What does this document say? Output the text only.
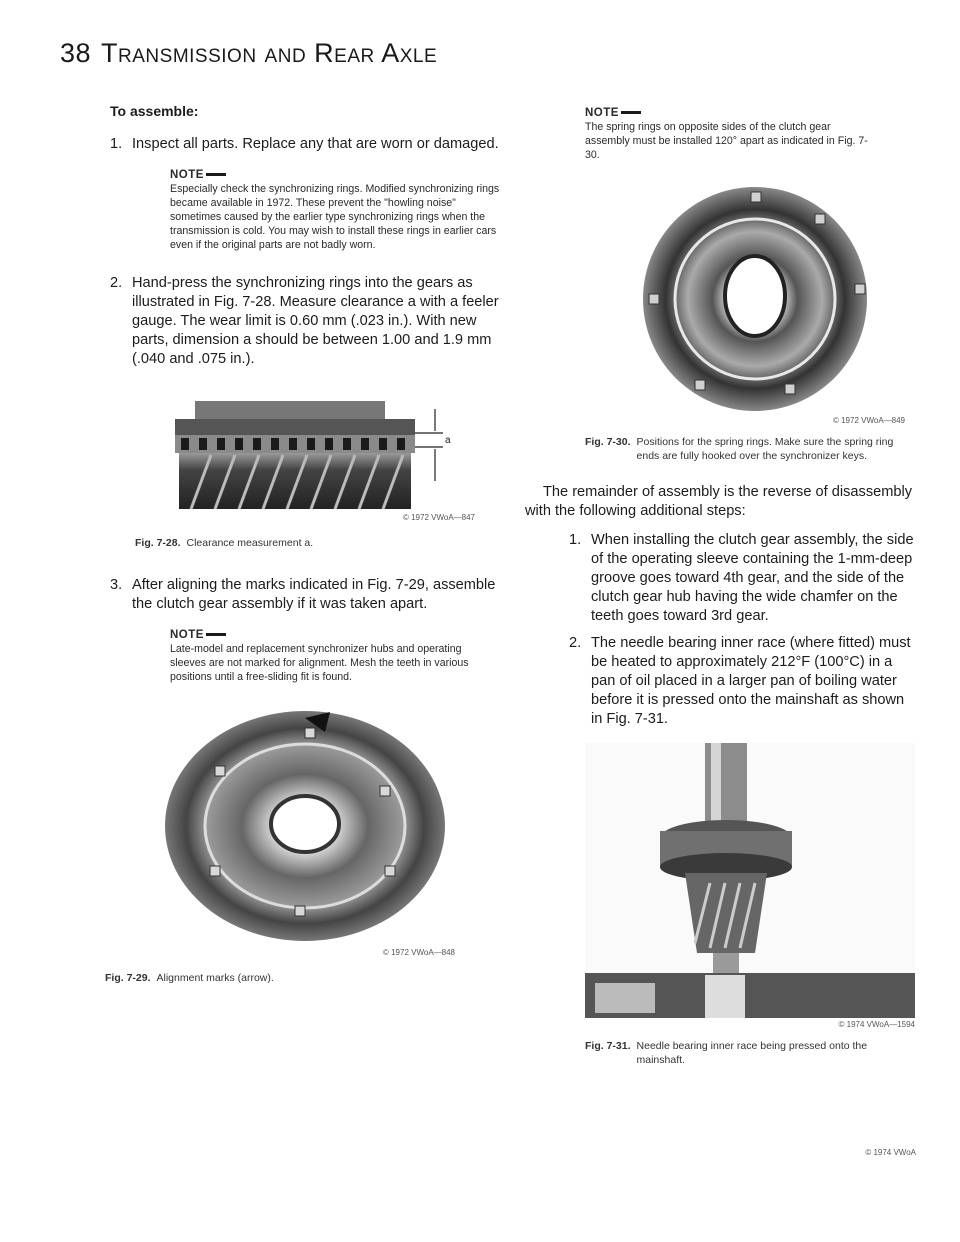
38 Transmission and Rear Axle
To assemble:
1. Inspect all parts. Replace any that are worn or damaged.
NOTE
Especially check the synchronizing rings. Modified synchronizing rings became available in 1972. These prevent the "howling noise" sometimes caused by the earlier type synchronizing rings when the transmission is cold. You may wish to install these rings in earlier cars even if the original parts are not badly worn.
2. Hand-press the synchronizing rings into the gears as illustrated in Fig. 7-28. Measure clearance a with a feeler gauge. The wear limit is 0.60 mm (.023 in.). With new parts, dimension a should be between 1.00 and 1.9 mm (.040 and .075 in.).
a
© 1972 VWoA—847
Fig. 7-28. Clearance measurement a.
3. After aligning the marks indicated in Fig. 7-29, assemble the clutch gear assembly if it was taken apart.
NOTE
Late-model and replacement synchronizer hubs and operating sleeves are not marked for alignment. Mesh the teeth in various positions until a free-sliding fit is found.
© 1972 VWoA—848
Fig. 7-29. Alignment marks (arrow).
NOTE
The spring rings on opposite sides of the clutch gear assembly must be installed 120° apart as indicated in Fig. 7-30.
© 1972 VWoA—849
Fig. 7-30. Positions for the spring rings. Make sure the spring ring ends are fully hooked over the synchronizer keys.
The remainder of assembly is the reverse of disassembly with the following additional steps:
1. When installing the clutch gear assembly, the side of the operating sleeve containing the 1-mm-deep groove goes toward 4th gear, and the side of the clutch gear hub having the wide chamfer on the teeth goes toward 3rd gear.
2. The needle bearing inner race (where fitted) must be heated to approximately 212°F (100°C) in a pan of oil placed in a larger pan of boiling water before it is pressed onto the mainshaft as shown in Fig. 7-31.
© 1974 VWoA—1594
Fig. 7-31. Needle bearing inner race being pressed onto the mainshaft.
© 1974 VWoA
